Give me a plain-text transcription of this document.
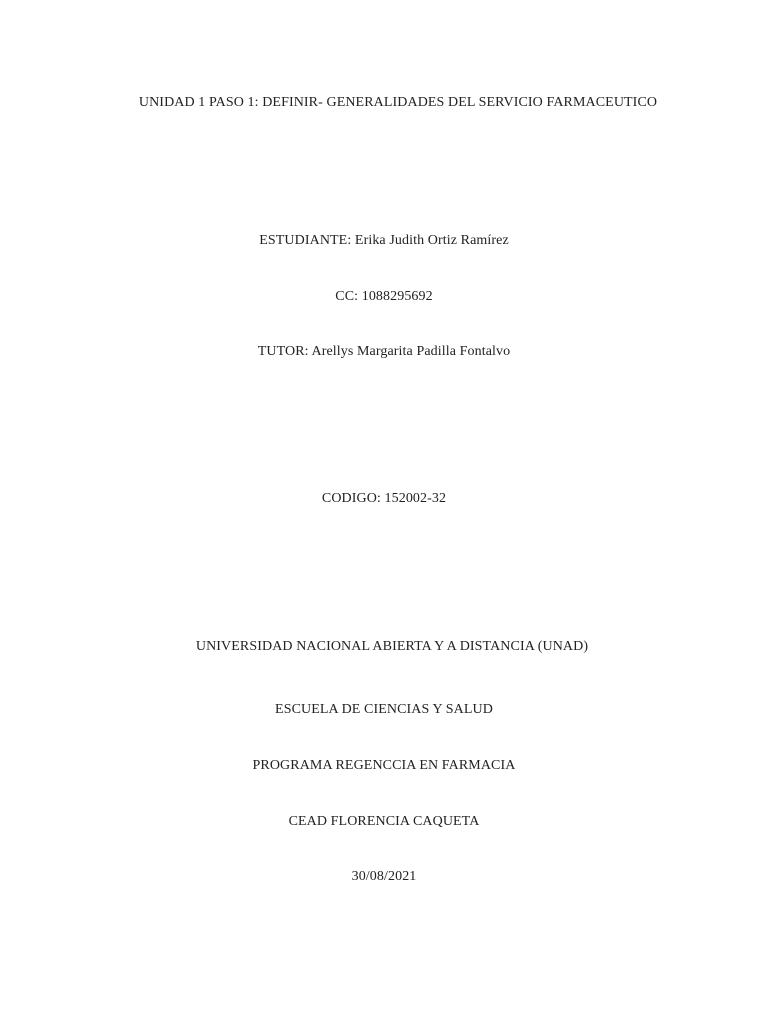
UNIDAD 1 PASO 1: DEFINIR- GENERALIDADES DEL SERVICIO FARMACEUTICO
ESTUDIANTE: Erika Judith Ortiz Ramírez
CC: 1088295692
TUTOR: Arellys Margarita Padilla Fontalvo
CODIGO: 152002-32
UNIVERSIDAD NACIONAL ABIERTA Y A DISTANCIA (UNAD)
ESCUELA DE CIENCIAS Y SALUD
PROGRAMA REGENCCIA EN FARMACIA
CEAD FLORENCIA CAQUETA
30/08/2021
